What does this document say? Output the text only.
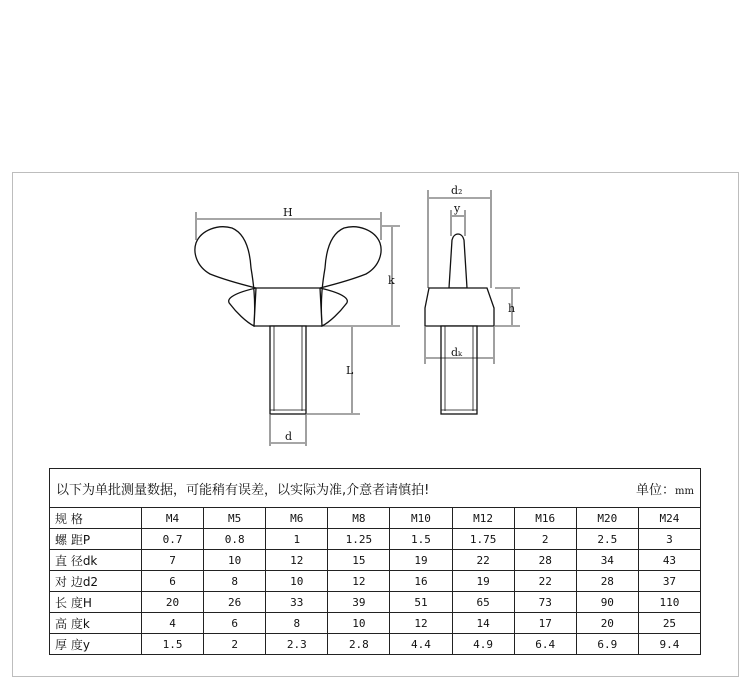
H
k
L
d
d₂
y
h
dₖ
以下为单批测量数据，可能稍有误差，以实际为准,介意者请慎拍! 单位：mm									

规 格	M4	M5	M6	M8	M10	M12	M16	M20	M24
螺 距P	0.7	0.8	1	1.25	1.5	1.75	2	2.5	3
直 径dk	7	10	12	15	19	22	28	34	43
对 边d2	6	8	10	12	16	19	22	28	37
长 度H	20	26	33	39	51	65	73	90	110
高 度k	4	6	8	10	12	14	17	20	25
厚 度y	1.5	2	2.3	2.8	4.4	4.9	6.4	6.9	9.4
